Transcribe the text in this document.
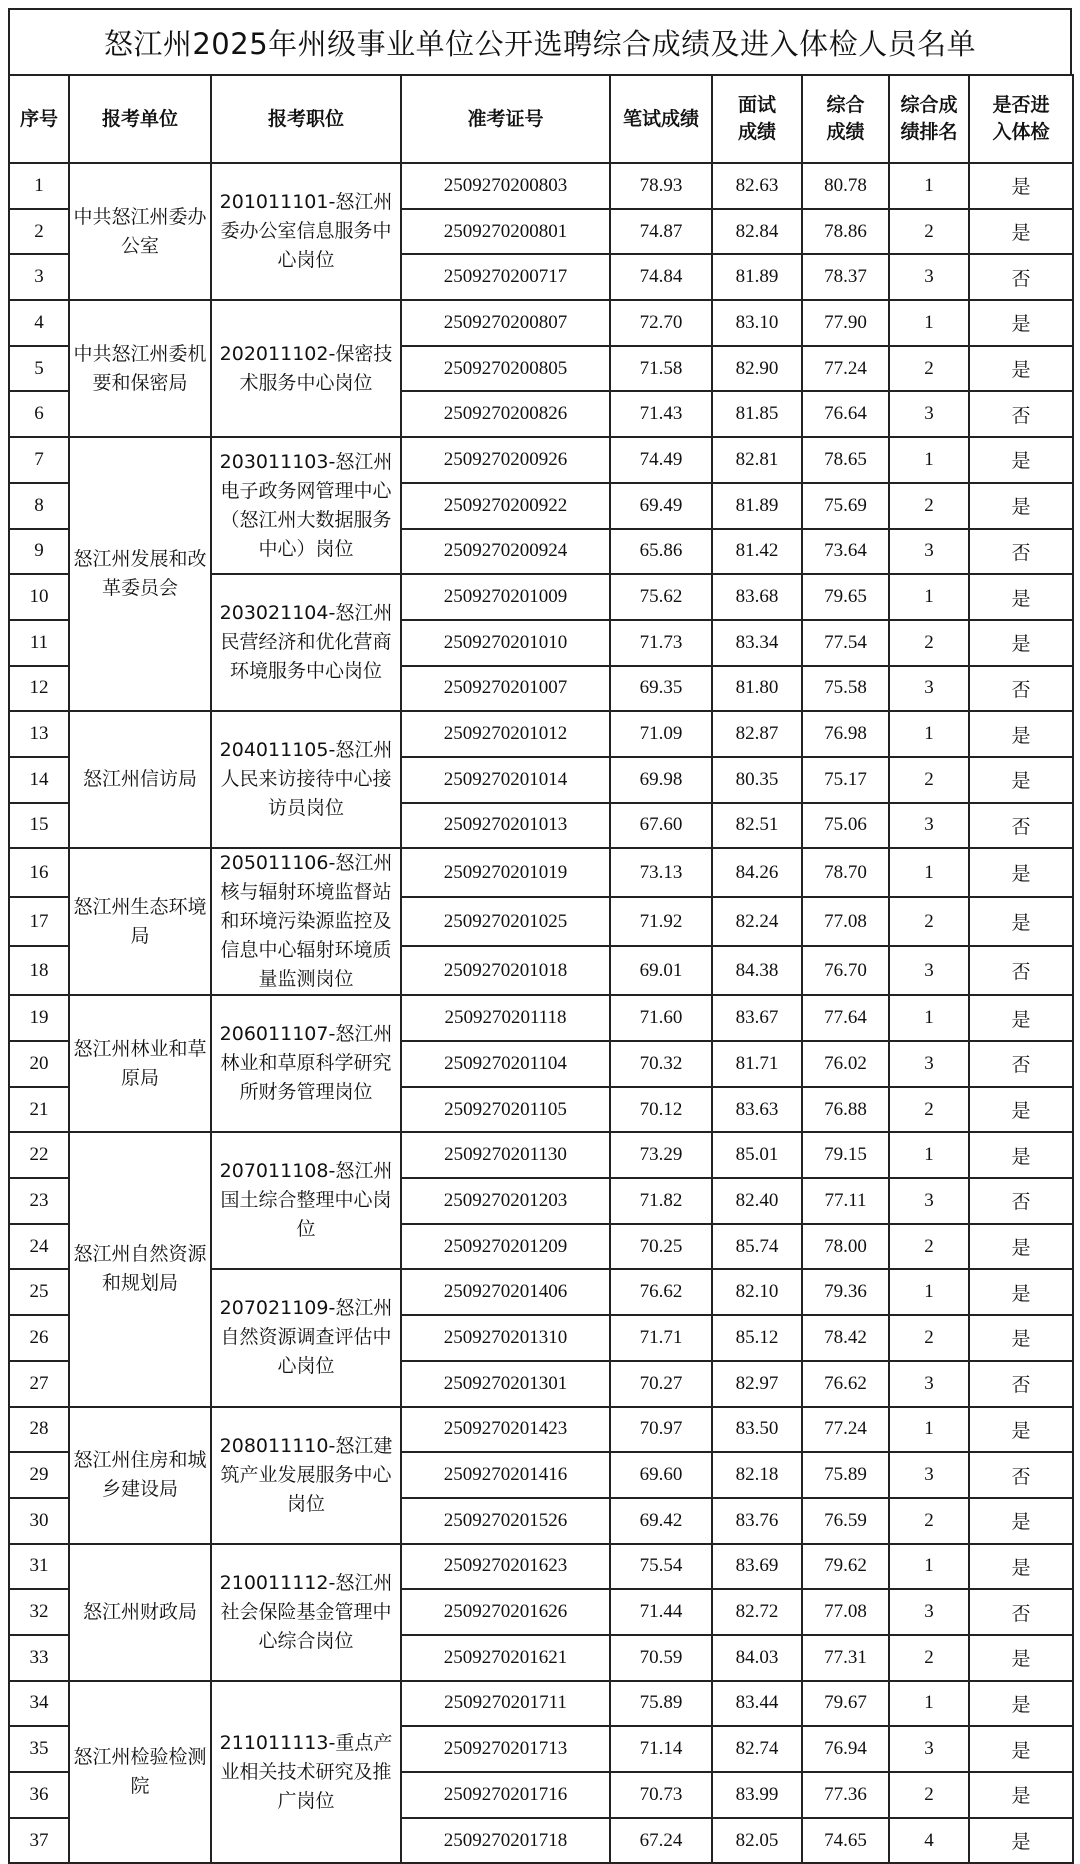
怒江州2025年州级事业单位公开选聘综合成绩及进入体检人员名单
序号	报考单位	报考职位	准考证号	笔试成绩	面试成绩	综合成绩	综合成绩排名	是否进入体检
1	中共怒江州委办公室	201011101-怒江州委办公室信息服务中心岗位	2509270200803	78.93	82.63	80.78	1	是
2			2509270200801	74.87	82.84	78.86	2	是
3			2509270200717	74.84	81.89	78.37	3	否
4	中共怒江州委机要和保密局	202011102-保密技术服务中心岗位	2509270200807	72.70	83.10	77.90	1	是
5			2509270200805	71.58	82.90	77.24	2	是
6			2509270200826	71.43	81.85	76.64	3	否
7	怒江州发展和改革委员会	203011103-怒江州电子政务网管理中心（怒江州大数据服务中心）岗位	2509270200926	74.49	82.81	78.65	1	是
8			2509270200922	69.49	81.89	75.69	2	是
9			2509270200924	65.86	81.42	73.64	3	否
10		203021104-怒江州民营经济和优化营商环境服务中心岗位	2509270201009	75.62	83.68	79.65	1	是
11			2509270201010	71.73	83.34	77.54	2	是
12			2509270201007	69.35	81.80	75.58	3	否
13	怒江州信访局	204011105-怒江州人民来访接待中心接访员岗位	2509270201012	71.09	82.87	76.98	1	是
14			2509270201014	69.98	80.35	75.17	2	是
15			2509270201013	67.60	82.51	75.06	3	否
16	怒江州生态环境局	205011106-怒江州核与辐射环境监督站和环境污染源监控及信息中心辐射环境质量监测岗位	2509270201019	73.13	84.26	78.70	1	是
17			2509270201025	71.92	82.24	77.08	2	是
18			2509270201018	69.01	84.38	76.70	3	否
19	怒江州林业和草原局	206011107-怒江州林业和草原科学研究所财务管理岗位	2509270201118	71.60	83.67	77.64	1	是
20			2509270201104	70.32	81.71	76.02	3	否
21			2509270201105	70.12	83.63	76.88	2	是
22	怒江州自然资源和规划局	207011108-怒江州国土综合整理中心岗位	2509270201130	73.29	85.01	79.15	1	是
23			2509270201203	71.82	82.40	77.11	3	否
24			2509270201209	70.25	85.74	78.00	2	是
25		207021109-怒江州自然资源调查评估中心岗位	2509270201406	76.62	82.10	79.36	1	是
26			2509270201310	71.71	85.12	78.42	2	是
27			2509270201301	70.27	82.97	76.62	3	否
28	怒江州住房和城乡建设局	208011110-怒江建筑产业发展服务中心岗位	2509270201423	70.97	83.50	77.24	1	是
29			2509270201416	69.60	82.18	75.89	3	否
30			2509270201526	69.42	83.76	76.59	2	是
31	怒江州财政局	210011112-怒江州社会保险基金管理中心综合岗位	2509270201623	75.54	83.69	79.62	1	是
32			2509270201626	71.44	82.72	77.08	3	否
33			2509270201621	70.59	84.03	77.31	2	是
34	怒江州检验检测院	211011113-重点产业相关技术研究及推广岗位	2509270201711	75.89	83.44	79.67	1	是
35			2509270201713	71.14	82.74	76.94	3	是
36			2509270201716	70.73	83.99	77.36	2	是
37			2509270201718	67.24	82.05	74.65	4	是
